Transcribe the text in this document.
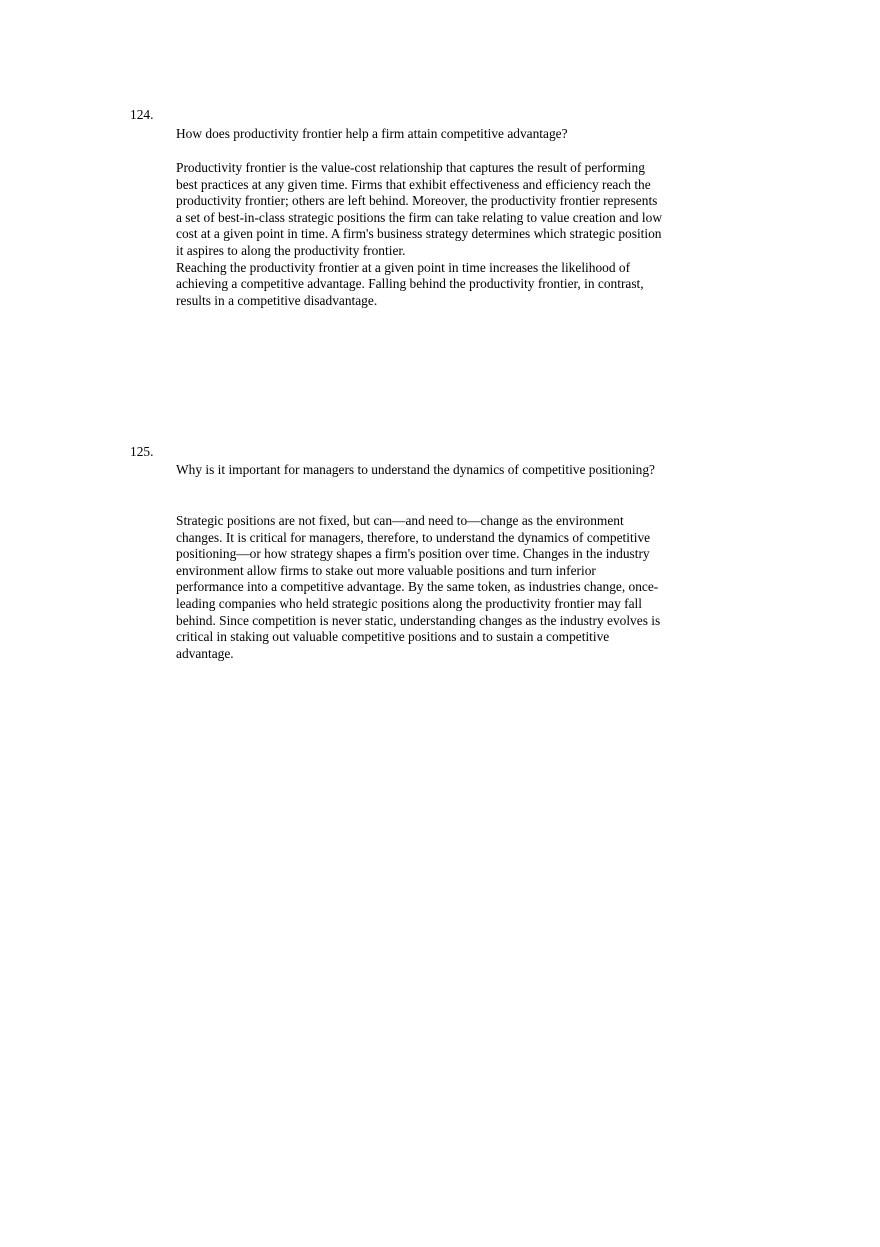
124.
How does productivity frontier help a firm attain competitive advantage?

Productivity frontier is the value-cost relationship that captures the result of performing best practices at any given time. Firms that exhibit effectiveness and efficiency reach the productivity frontier; others are left behind. Moreover, the productivity frontier represents a set of best-in-class strategic positions the firm can take relating to value creation and low cost at a given point in time. A firm's business strategy determines which strategic position it aspires to along the productivity frontier.

Reaching the productivity frontier at a given point in time increases the likelihood of achieving a competitive advantage. Falling behind the productivity frontier, in contrast, results in a competitive disadvantage.

125.
Why is it important for managers to understand the dynamics of competitive positioning?

Strategic positions are not fixed, but can—and need to—change as the environment changes. It is critical for managers, therefore, to understand the dynamics of competitive positioning—or how strategy shapes a firm's position over time. Changes in the industry environment allow firms to stake out more valuable positions and turn inferior performance into a competitive advantage. By the same token, as industries change, once-leading companies who held strategic positions along the productivity frontier may fall behind. Since competition is never static, understanding changes as the industry evolves is critical in staking out valuable competitive positions and to sustain a competitive advantage.
